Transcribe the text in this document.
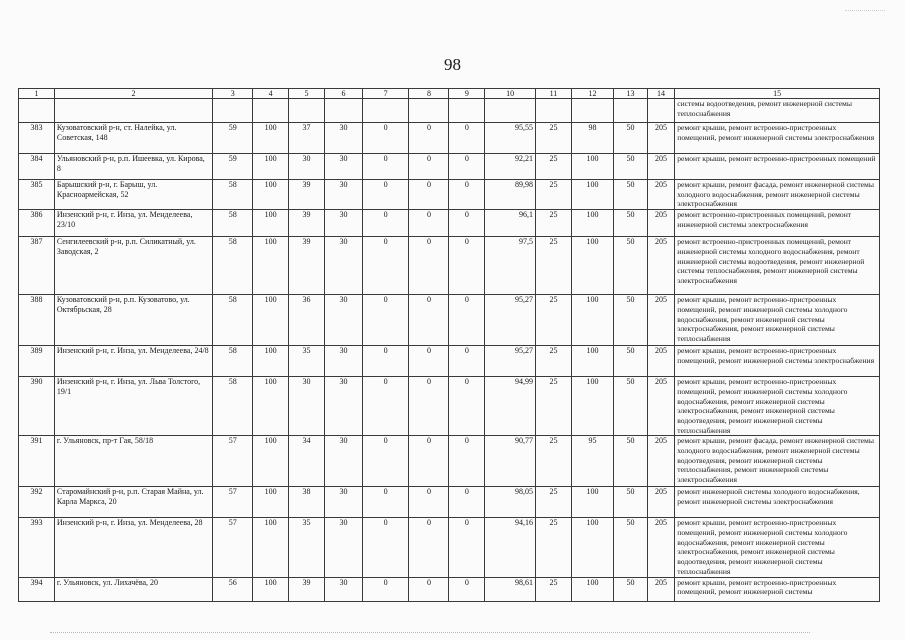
98
1	2	3	4	5	6	7	8	9	10	11	12	13	14	15
														системы водоотведения, ремонт инженерной системы теплоснабжения
383	Кузоватовский р-н, ст. Налейка, ул. Советская, 148	59	100	37	30	0	0	0	95,55	25	98	50	205	ремонт крыши, ремонт встроенно-пристроенных помещений, ремонт инженерной системы электроснабжения
384	Ульяновский р-н, р.п. Ишеевка, ул. Кирова, 8	59	100	30	30	0	0	0	92,21	25	100	50	205	ремонт крыши, ремонт встроенно-пристроенных помещений
385	Барышский р-н, г. Барыш, ул. Красноармейская, 52	58	100	39	30	0	0	0	89,98	25	100	50	205	ремонт крыши, ремонт фасада, ремонт инженерной системы холодного водоснабжения, ремонт инженерной системы электроснабжения
386	Инзенский р-н, г. Инза, ул. Менделеева, 23/10	58	100	39	30	0	0	0	96,1	25	100	50	205	ремонт встроенно-пристроенных помещений, ремонт инженерной системы электроснабжения
387	Сенгилеевский р-н, р.п. Силикатный, ул. Заводская, 2	58	100	39	30	0	0	0	97,5	25	100	50	205	ремонт встроенно-пристроенных помещений, ремонт инженерной системы холодного водоснабжения, ремонт инженерной системы водоотведения, ремонт инженерной системы теплоснабжения, ремонт инженерной системы электроснабжения
388	Кузоватовский р-н, р.п. Кузоватово, ул. Октябрьская, 28	58	100	36	30	0	0	0	95,27	25	100	50	205	ремонт крыши, ремонт встроенно-пристроенных помещений, ремонт инженерной системы холодного водоснабжения, ремонт инженерной системы электроснабжения, ремонт инженерной системы теплоснабжения
389	Инзенский р-н, г. Инза, ул. Менделеева, 24/8	58	100	35	30	0	0	0	95,27	25	100	50	205	ремонт крыши, ремонт встроенно-пристроенных помещений, ремонт инженерной системы электроснабжения
390	Инзенский р-н, г. Инза, ул. Льва Толстого, 19/1	58	100	30	30	0	0	0	94,99	25	100	50	205	ремонт крыши, ремонт встроенно-пристроенных помещений, ремонт инженерной системы холодного водоснабжения, ремонт инженерной системы электроснабжения, ремонт инженерной системы водоотведения, ремонт инженерной системы теплоснабжения
391	г. Ульяновск, пр-т Гая, 58/18	57	100	34	30	0	0	0	90,77	25	95	50	205	ремонт крыши, ремонт фасада, ремонт инженерной системы холодного водоснабжения, ремонт инженерной системы водоотведения, ремонт инженерной системы теплоснабжения, ремонт инженерной системы электроснабжения
392	Старомайнский р-н, р.п. Старая Майна, ул. Карла Маркса, 20	57	100	38	30	0	0	0	98,05	25	100	50	205	ремонт инженерной системы холодного водоснабжения, ремонт инженерной системы электроснабжения
393	Инзенский р-н, г. Инза, ул. Менделеева, 28	57	100	35	30	0	0	0	94,16	25	100	50	205	ремонт крыши, ремонт встроенно-пристроенных помещений, ремонт инженерной системы холодного водоснабжения, ремонт инженерной системы электроснабжения, ремонт инженерной системы водоотведения, ремонт инженерной системы теплоснабжения
394	г. Ульяновск, ул. Лихачёва, 20	56	100	39	30	0	0	0	98,61	25	100	50	205	ремонт крыши, ремонт встроенно-пристроенных помещений, ремонт инженерной системы
